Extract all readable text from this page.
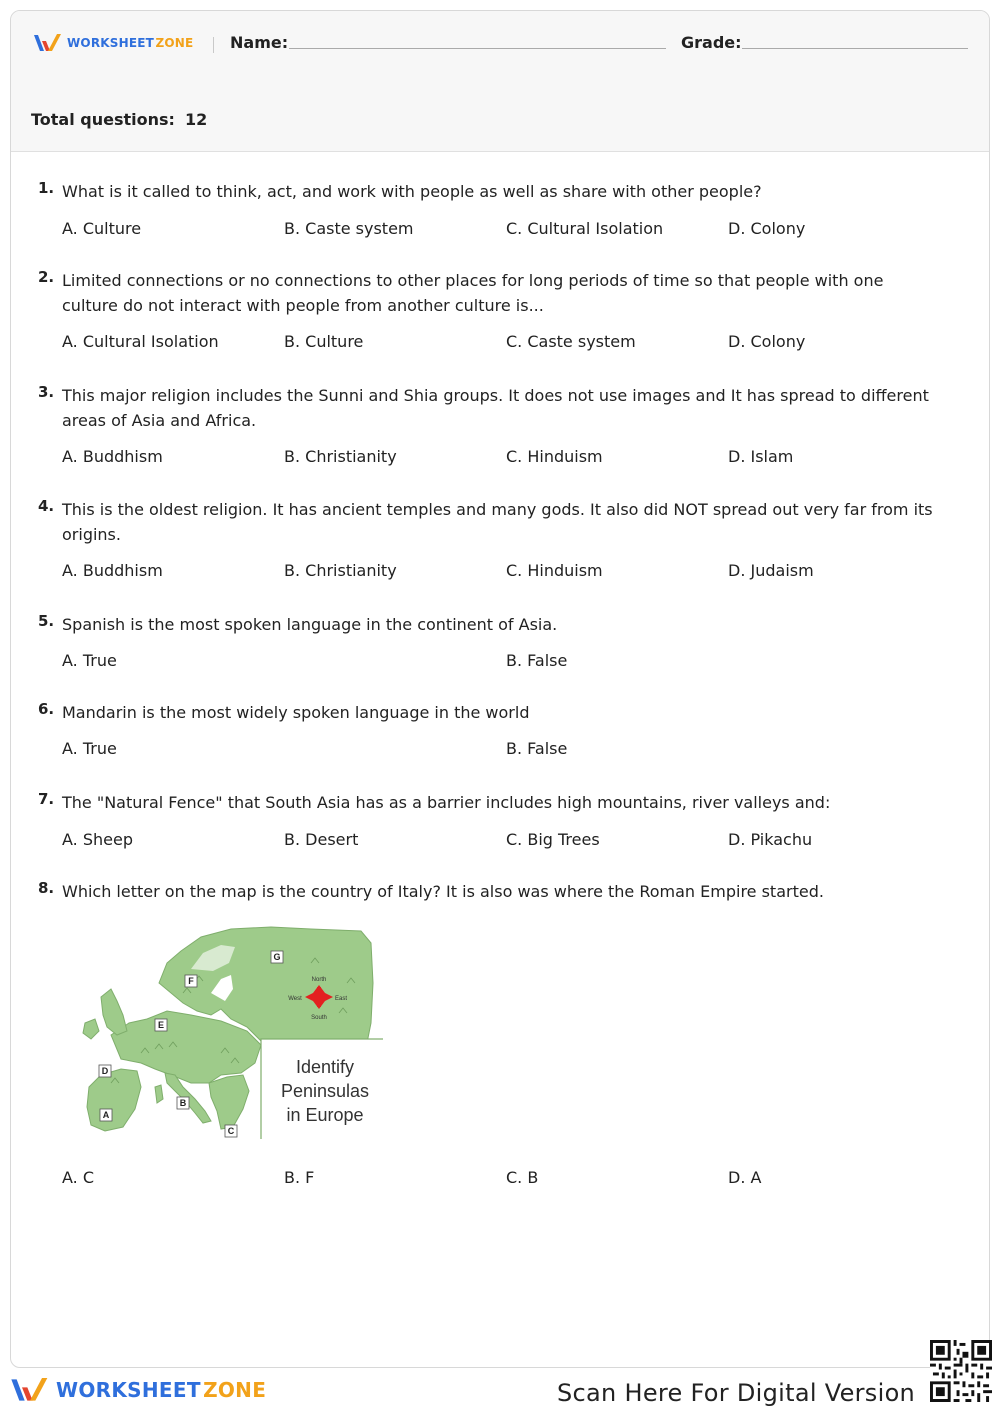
WORKSHEET ZONE Name:	Grade:
Total questions: 12
1. What is it called to think, act, and work with people as well as share with other people?
A. Culture	B. Caste system	C. Cultural Isolation	D. Colony
2. Limited connections or no connections to other places for long periods of time so that people with one culture do not interact with people from another culture is...
A. Cultural Isolation	B. Culture	C. Caste system	D. Colony
3. This major religion includes the Sunni and Shia groups. It does not use images and It has spread to different areas of Asia and Africa.
A. Buddhism	B. Christianity	C. Hinduism	D. Islam
4. This is the oldest religion. It has ancient temples and many gods. It also did NOT spread out very far from its origins.
A. Buddhism	B. Christianity	C. Hinduism	D. Judaism
5. Spanish is the most spoken language in the continent of Asia.
A. True	B. False
6. Mandarin is the most widely spoken language in the world
A. True	B. False
7. The "Natural Fence" that South Asia has as a barrier includes high mountains, river valleys and:
A. Sheep	B. Desert	C. Big Trees	D. Pikachu
8. Which letter on the map is the country of Italy? It is also was where the Roman Empire started.
A. C	B. F	C. B	D. A
North
South
West	East
G
F
E
D
A
B
C
Identify
Peninsulas
in Europe
WORKSHEET  ZONE	Scan Here For Digital Version
